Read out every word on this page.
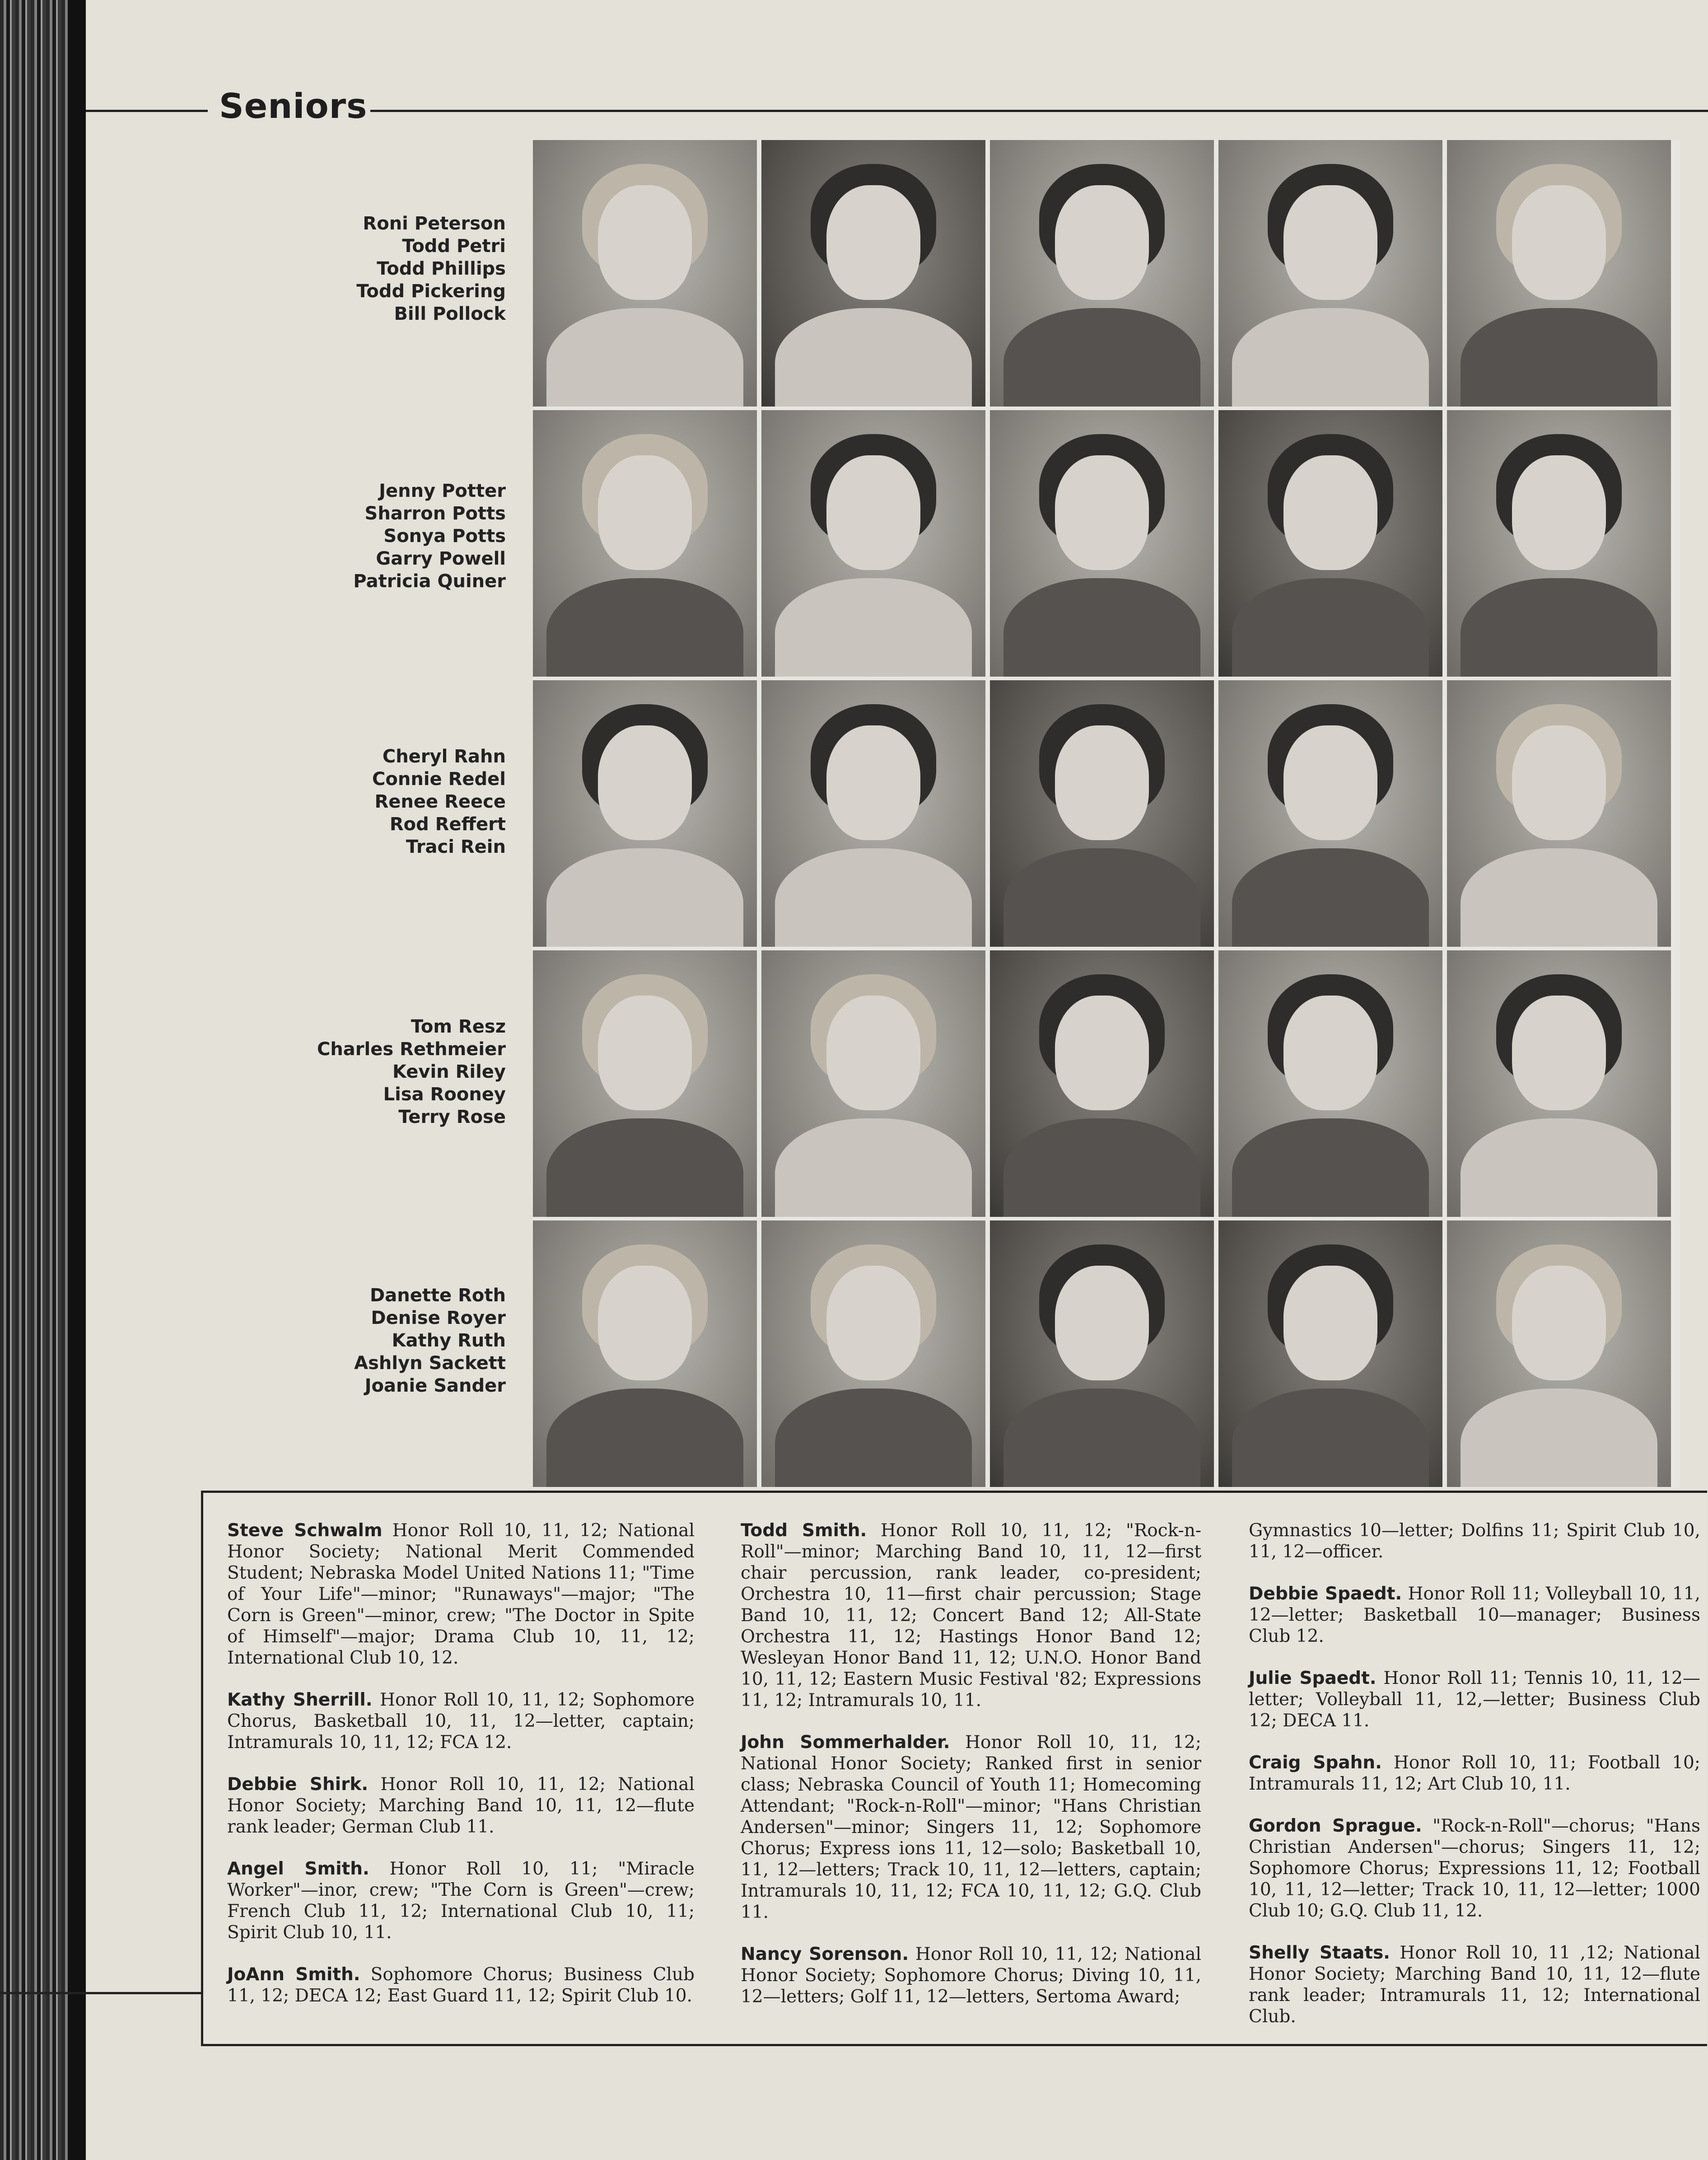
Seniors
Roni Peterson
Todd Petri
Todd Phillips
Todd Pickering
Bill Pollock
Jenny Potter
Sharron Potts
Sonya Potts
Garry Powell
Patricia Quiner
Cheryl Rahn
Connie Redel
Renee Reece
Rod Reffert
Traci Rein
Tom Resz
Charles Rethmeier
Kevin Riley
Lisa Rooney
Terry Rose
Danette Roth
Denise Royer
Kathy Ruth
Ashlyn Sackett
Joanie Sander

Steve Schwalm Honor Roll 10, 11, 12; National Honor Society; National Merit Commended Student; Nebraska Model United Nations 11; "Time of Your Life"—minor; "Runaways"—major; "The Corn is Green"—minor, crew; "The Doctor in Spite of Himself"—major; Drama Club 10, 11, 12; International Club 10, 12.

Kathy Sherrill. Honor Roll 10, 11, 12; Sophomore Chorus, Basketball 10, 11, 12—letter, captain; Intramurals 10, 11, 12; FCA 12.

Debbie Shirk. Honor Roll 10, 11, 12; National Honor Society; Marching Band 10, 11, 12—flute rank leader; German Club 11.

Angel Smith. Honor Roll 10, 11; "Miracle Worker"—inor, crew; "The Corn is Green"—crew; French Club 11, 12; International Club 10, 11; Spirit Club 10, 11.

JoAnn Smith. Sophomore Chorus; Business Club 11, 12; DECA 12; East Guard 11, 12; Spirit Club 10.

Todd Smith. Honor Roll 10, 11, 12; "Rock-n-Roll"—minor; Marching Band 10, 11, 12—first chair percussion, rank leader, co-president; Orchestra 10, 11—first chair percussion; Stage Band 10, 11, 12; Concert Band 12; All-State Orchestra 11, 12; Hastings Honor Band 12; Wesleyan Honor Band 11, 12; U.N.O. Honor Band 10, 11, 12; Eastern Music Festival '82; Expressions 11, 12; Intramurals 10, 11.

John Sommerhalder. Honor Roll 10, 11, 12; National Honor Society; Ranked first in senior class; Nebraska Council of Youth 11; Homecoming Attendant; "Rock-n-Roll"—minor; "Hans Christian Andersen"—minor; Singers 11, 12; Sophomore Chorus; Express ions 11, 12—solo; Basketball 10, 11, 12—letters; Track 10, 11, 12—letters, captain; Intramurals 10, 11, 12; FCA 10, 11, 12; G.Q. Club 11.

Nancy Sorenson. Honor Roll 10, 11, 12; National Honor Society; Sophomore Chorus; Diving 10, 11, 12—letters; Golf 11, 12—letters, Sertoma Award;

Gymnastics 10—letter; Dolfins 11; Spirit Club 10, 11, 12—officer.

Debbie Spaedt. Honor Roll 11; Volleyball 10, 11, 12—letter; Basketball 10—manager; Business Club 12.

Julie Spaedt. Honor Roll 11; Tennis 10, 11, 12—letter; Volleyball 11, 12,—letter; Business Club 12; DECA 11.

Craig Spahn. Honor Roll 10, 11; Football 10; Intramurals 11, 12; Art Club 10, 11.

Gordon Sprague. "Rock-n-Roll"—chorus; "Hans Christian Andersen"—chorus; Singers 11, 12; Sophomore Chorus; Expressions 11, 12; Football 10, 11, 12—letter; Track 10, 11, 12—letter; 1000 Club 10; G.Q. Club 11, 12.

Shelly Staats. Honor Roll 10, 11 ,12; National Honor Society; Marching Band 10, 11, 12—flute rank leader; Intramurals 11, 12; International Club.
